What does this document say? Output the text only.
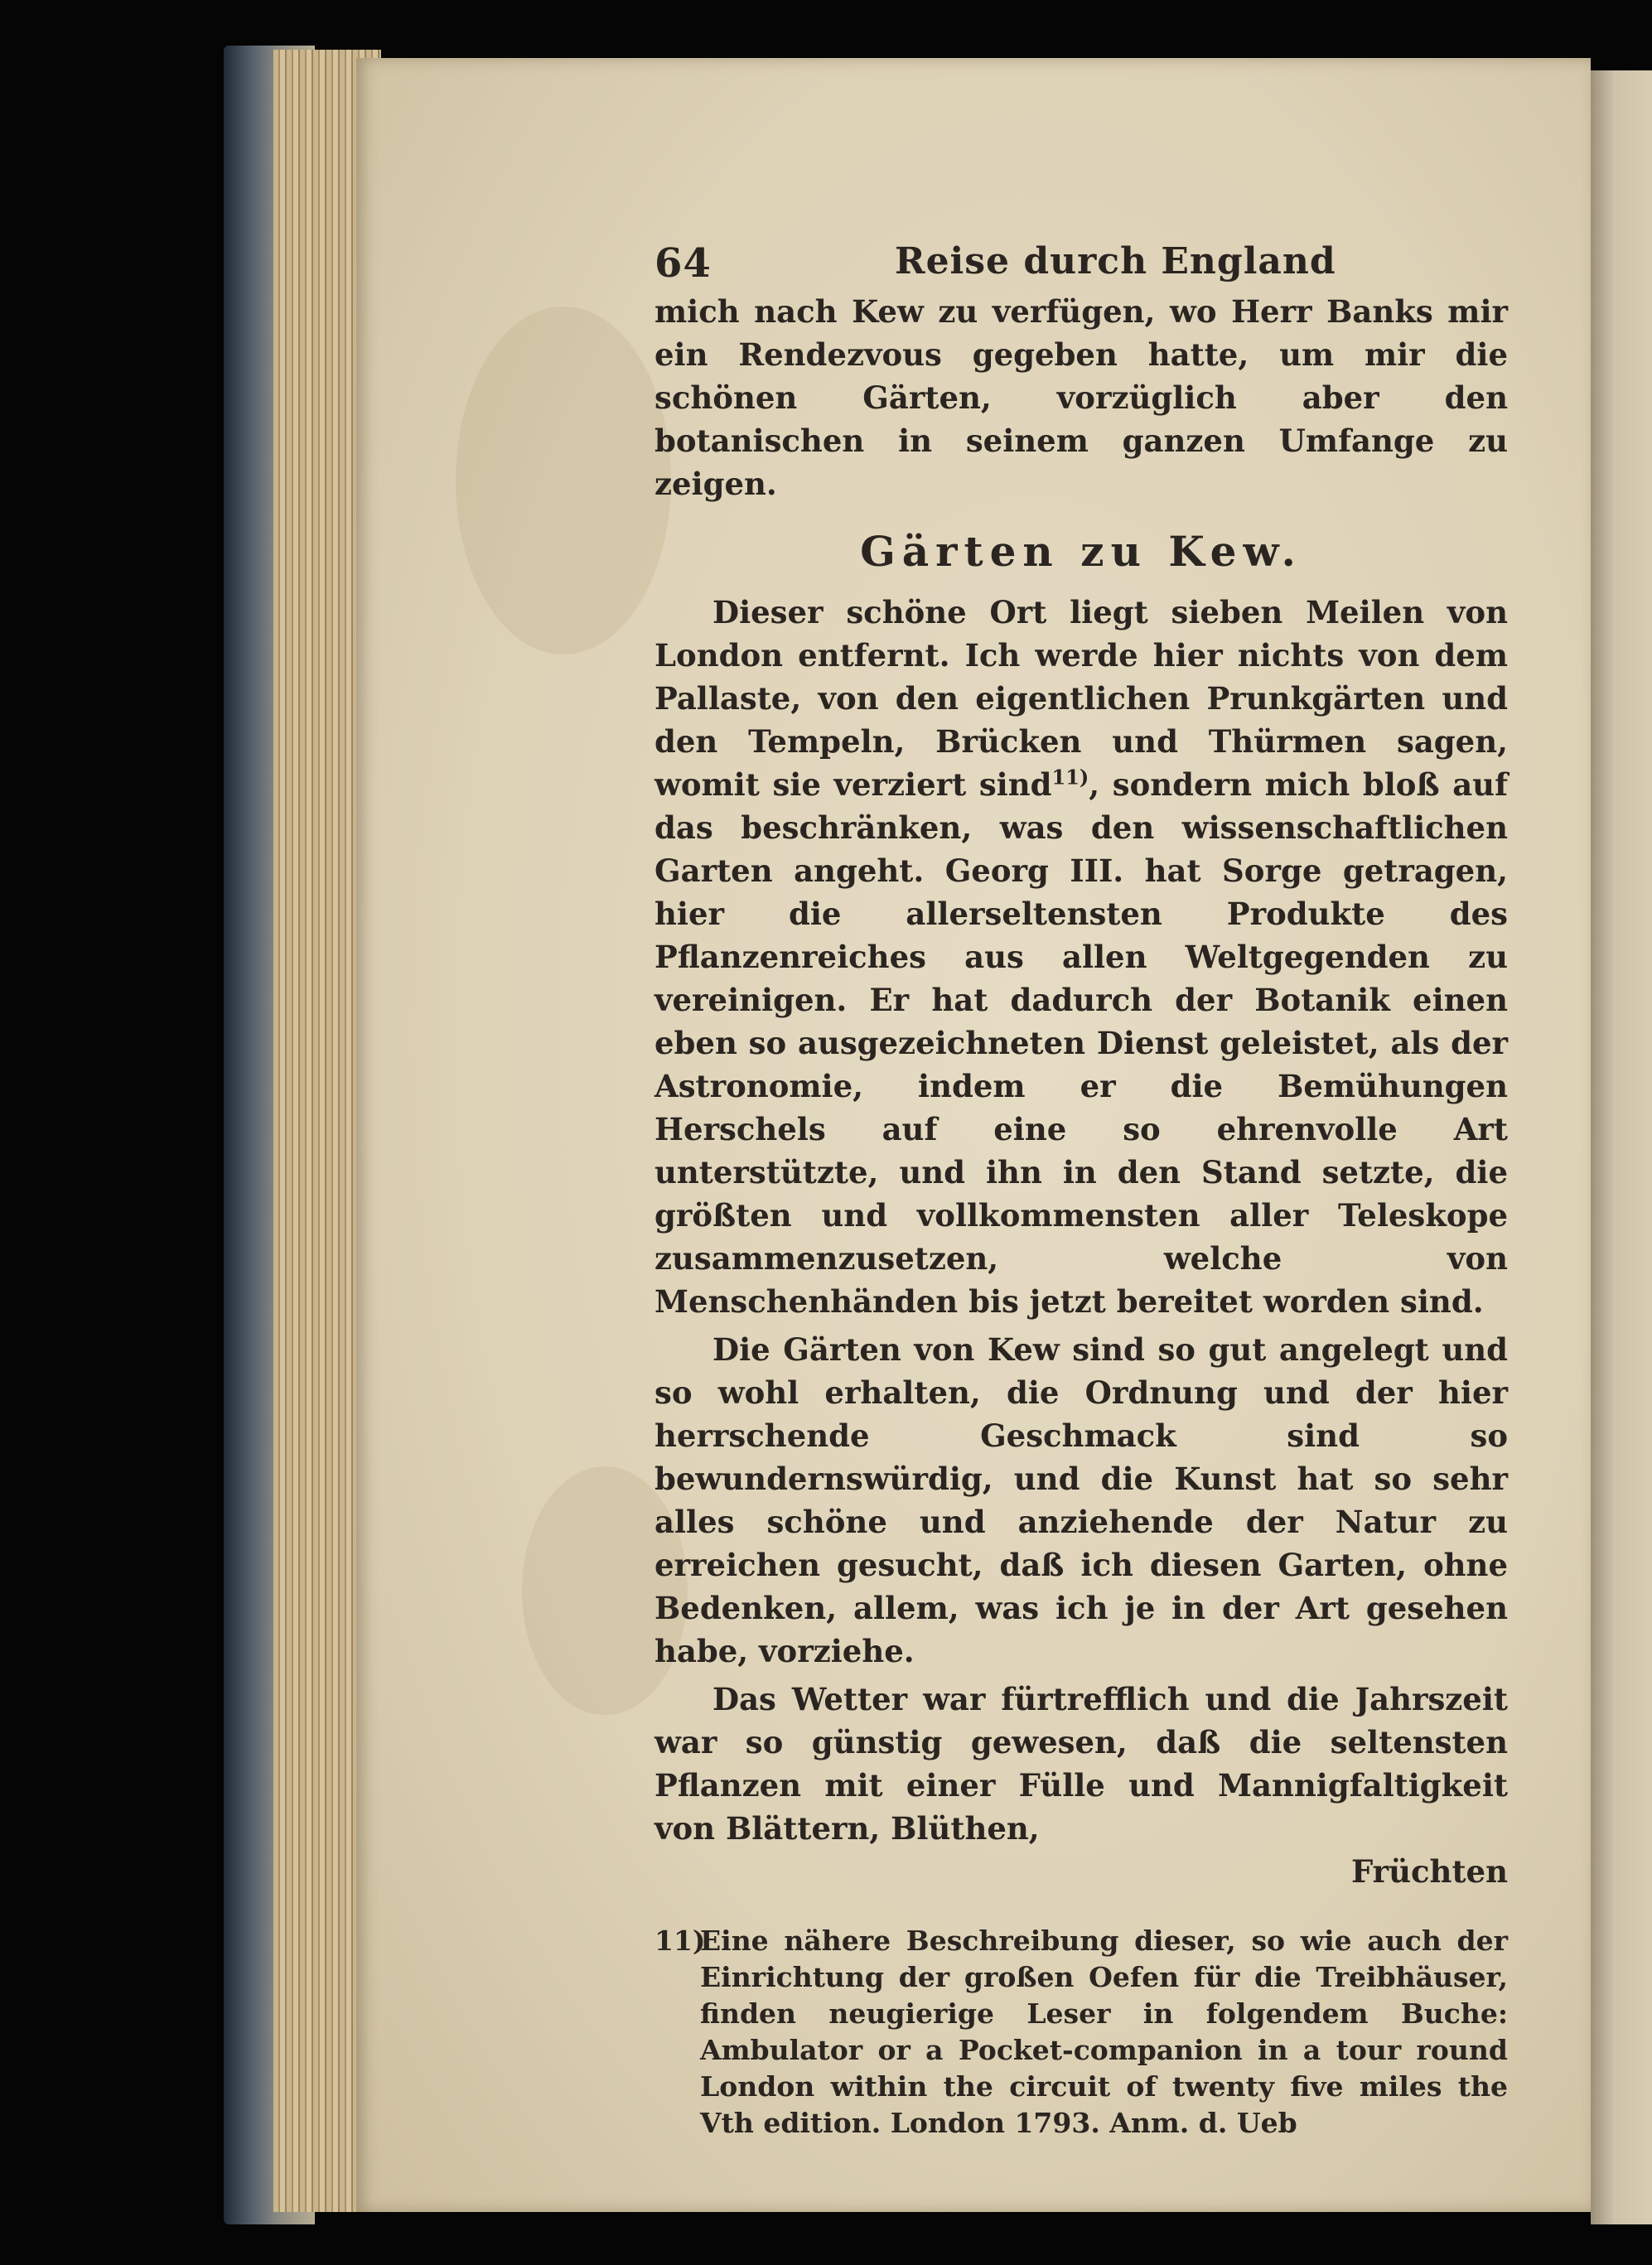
64	Reise durch England

mich nach Kew zu verfügen, wo Herr Banks mir ein Rendezvous gegeben hatte, um mir die schönen Gärten, vorzüglich aber den botanischen in seinem ganzen Umfange zu zeigen.

Gärten zu Kew.

Dieser schöne Ort liegt sieben Meilen von London entfernt. Ich werde hier nichts von dem Pallaste, von den eigentlichen Prunkgärten und den Tempeln, Brücken und Thürmen sagen, womit sie verziert sind$^{11)}$, sondern mich bloß auf das beschränken, was den wissenschaftlichen Garten angeht. Georg III. hat Sorge getragen, hier die allerseltensten Produkte des Pflanzenreiches aus allen Weltgegenden zu vereinigen. Er hat dadurch der Botanik einen eben so ausgezeichneten Dienst geleistet, als der Astronomie, indem er die Bemühungen Herschels auf eine so ehrenvolle Art unterstützte, und ihn in den Stand setzte, die größten und vollkommensten aller Teleskope zusammenzusetzen, welche von Menschenhänden bis jetzt bereitet worden sind.

Die Gärten von Kew sind so gut angelegt und so wohl erhalten, die Ordnung und der hier herrschende Geschmack sind so bewundernswürdig, und die Kunst hat so sehr alles schöne und anziehende der Natur zu erreichen gesucht, daß ich diesen Garten, ohne Bedenken, allem, was ich je in der Art gesehen habe, vorziehe.

Das Wetter war fürtrefflich und die Jahrszeit war so günstig gewesen, daß die seltensten Pflanzen mit einer Fülle und Mannigfaltigkeit von Blättern, Blüthen,

Früchten
11)
Eine nähere Beschreibung dieser, so wie auch der Einrichtung der großen Oefen für die Treibhäuser, finden neugierige Leser in folgendem Buche: Ambulator or a Pocket-companion in a tour round London within the circuit of twenty five miles the Vth edition. London 1793. Anm. d. Ueb
